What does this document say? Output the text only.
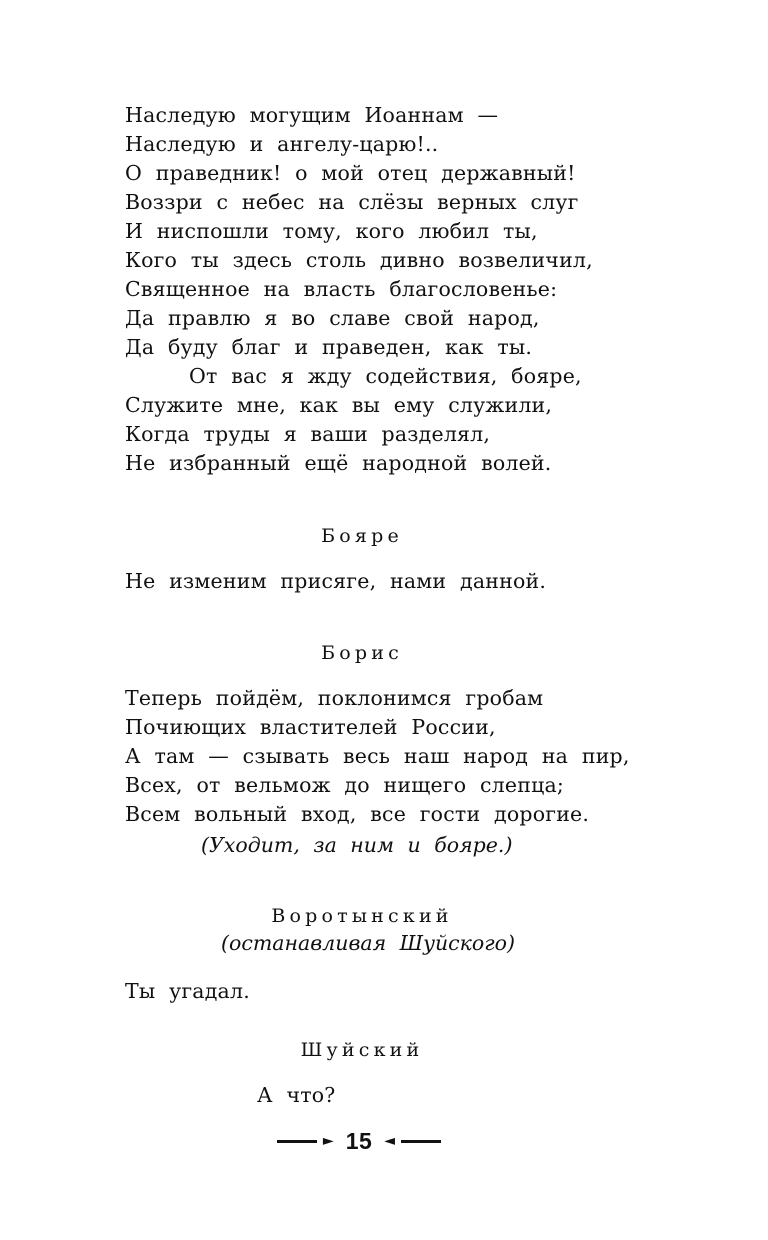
Наследую могущим Иоаннам —
Наследую и ангелу-царю!..
О праведник! о мой отец державный!
Воззри с небес на слёзы верных слуг
И ниспошли тому, кого любил ты,
Кого ты здесь столь дивно возвеличил,
Священное на власть благословенье:
Да правлю я во славе свой народ,
Да буду благ и праведен, как ты.
От вас я жду содействия, бояре,
Служите мне, как вы ему служили,
Когда труды я ваши разделял,
Не избранный ещё народной волей.
Бояре
Не изменим присяге, нами данной.
Борис
Теперь пойдём, поклонимся гробам
Почиющих властителей России,
А там — сзывать весь наш народ на пир,
Всех, от вельмож до нищего слепца;
Всем вольный вход, все гости дорогие.
(Уходит, за ним и бояре.)
Воротынский
(останавливая Шуйского)
Ты угадал.
Шуйский
А что?
► 15 ◄
